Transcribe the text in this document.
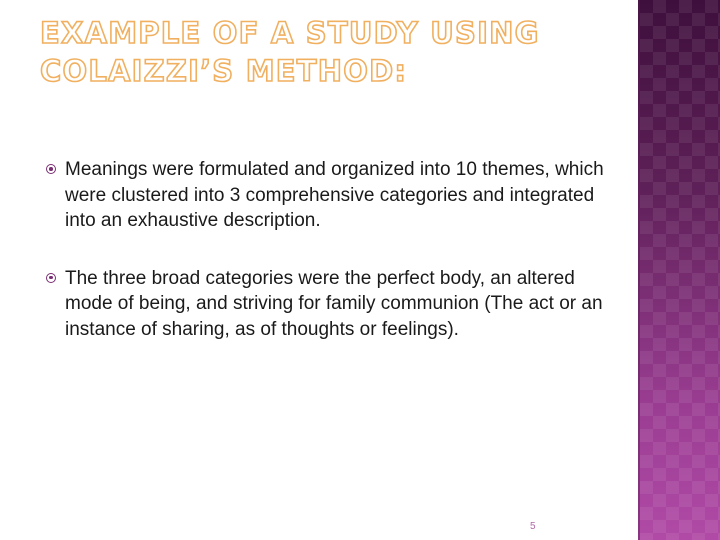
EXAMPLE OF A STUDY USING COLAIZZI’S METHOD:
Meanings were formulated and organized into 10 themes, which were clustered into 3 comprehensive categories and integrated into an exhaustive description.
The three broad categories were the perfect body, an altered mode of being, and striving for family communion (The act or an instance of sharing, as of thoughts or feelings).
5
